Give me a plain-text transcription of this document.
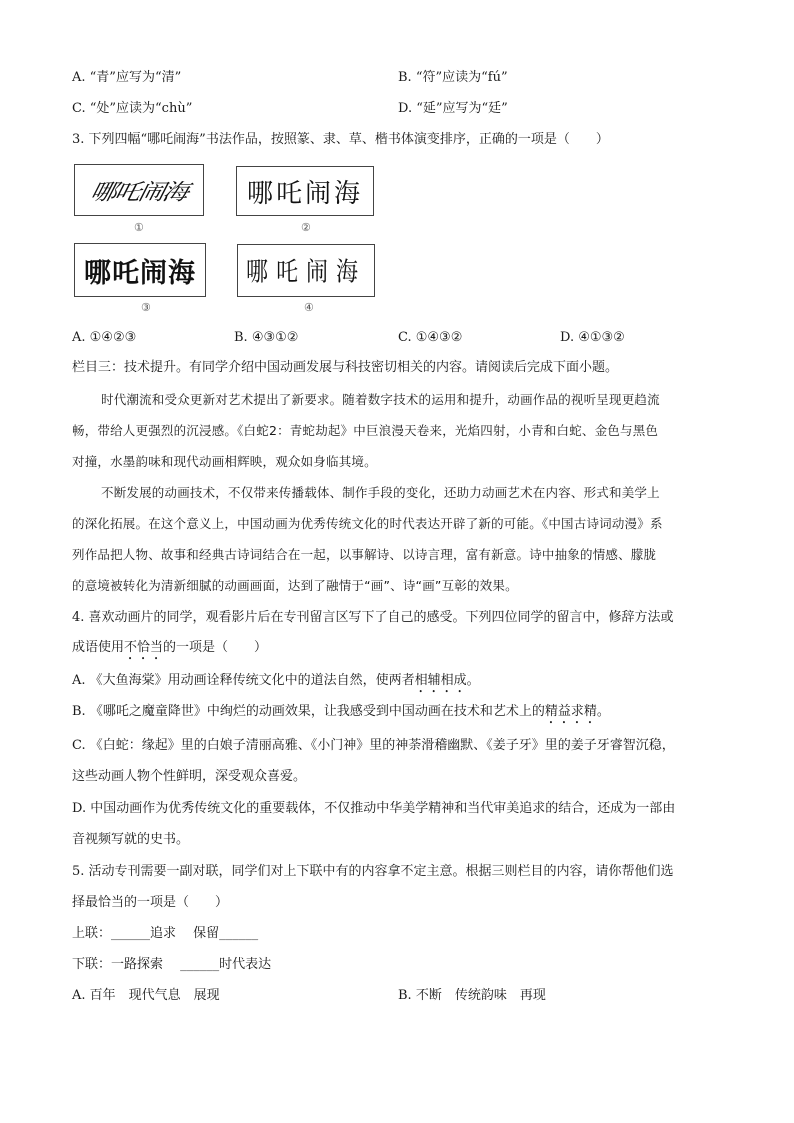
A. “青”应写为“清”	B. “符”应读为“fú”
C. “处”应读为“chù”	D. “延”应写为“廷”
3. 下列四幅“哪吒闹海”书法作品，按照篆、隶、草、楷书体演变排序，正确的一项是（　　）
哪吒闹海
①
哪吒闹海
②
哪吒闹海
③
哪吒闹海
④
A. ①④②③	B. ④③①②	C. ①④③②	D. ④①③②
栏目三：技术提升。有同学介绍中国动画发展与科技密切相关的内容。请阅读后完成下面小题。
时代潮流和受众更新对艺术提出了新要求。随着数字技术的运用和提升，动画作品的视听呈现更趋流
畅，带给人更强烈的沉浸感。《白蛇2：青蛇劫起》中巨浪漫天卷来，光焰四射，小青和白蛇、金色与黑色
对撞，水墨韵味和现代动画相辉映，观众如身临其境。
不断发展的动画技术，不仅带来传播载体、制作手段的变化，还助力动画艺术在内容、形式和美学上
的深化拓展。在这个意义上，中国动画为优秀传统文化的时代表达开辟了新的可能。《中国古诗词动漫》系
列作品把人物、故事和经典古诗词结合在一起，以事解诗、以诗言理，富有新意。诗中抽象的情感、朦胧
的意境被转化为清新细腻的动画画面，达到了融情于“画”、诗“画”互彰的效果。
4. 喜欢动画片的同学，观看影片后在专刊留言区写下了自己的感受。下列四位同学的留言中，修辞方法或
成语使用不恰当的一项是（　　）
A. 《大鱼海棠》用动画诠释传统文化中的道法自然，使两者相辅相成。
B. 《哪吒之魔童降世》中绚烂的动画效果，让我感受到中国动画在技术和艺术上的精益求精。
C. 《白蛇：缘起》里的白娘子清丽高雅、《小门神》里的神荼滑稽幽默、《姜子牙》里的姜子牙睿智沉稳，
这些动画人物个性鲜明，深受观众喜爱。
D. 中国动画作为优秀传统文化的重要载体，不仅推动中华美学精神和当代审美追求的结合，还成为一部由
音视频写就的史书。
5. 活动专刊需要一副对联，同学们对上下联中有的内容拿不定主意。根据三则栏目的内容，请你帮他们选
择最恰当的一项是（　　）
上联：______追求　 保留______
下联：一路探索　 ______时代表达
A. 百年　现代气息　展现	B. 不断　传统韵味　再现
